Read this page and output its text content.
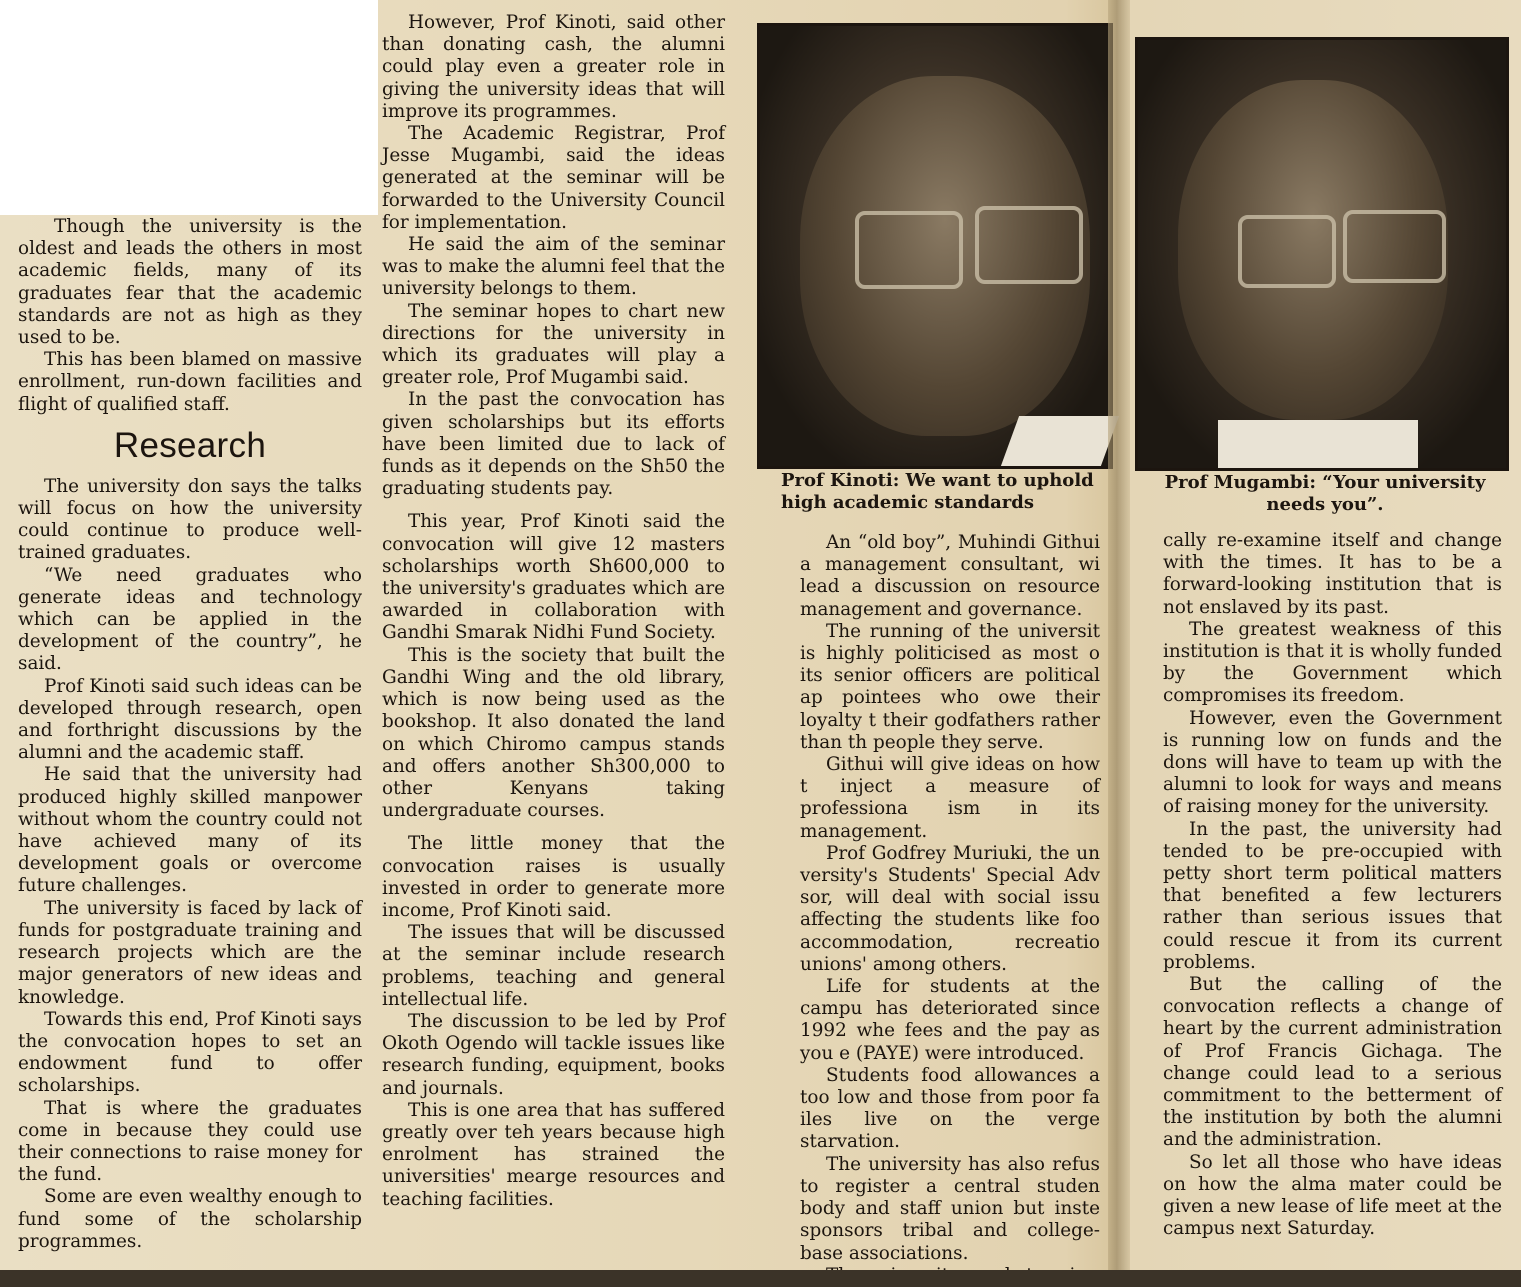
Though the university is the oldest and leads the others in most academic fields, many of its graduates fear that the academic standards are not as high as they used to be.

This has been blamed on massive enrollment, run-down facilities and flight of qualified staff.

Research

The university don says the talks will focus on how the university could continue to produce well-trained graduates.

“We need graduates who generate ideas and technology which can be applied in the development of the country”, he said.

Prof Kinoti said such ideas can be developed through research, open and forthright discussions by the alumni and the academic staff.

He said that the university had produced highly skilled manpower without whom the country could not have achieved many of its development goals or overcome future challenges.

The university is faced by lack of funds for postgraduate training and research projects which are the major generators of new ideas and knowledge.

Towards this end, Prof Kinoti says the convocation hopes to set an endowment fund to offer scholarships.

That is where the graduates come in because they could use their connections to raise money for the fund.

Some are even wealthy enough to fund some of the scholarship programmes.

However, Prof Kinoti, said other than donating cash, the alumni could play even a greater role in giving the university ideas that will improve its programmes.

The Academic Registrar, Prof Jesse Mugambi, said the ideas generated at the seminar will be forwarded to the University Council for implementation.

He said the aim of the seminar was to make the alumni feel that the university belongs to them.

The seminar hopes to chart new directions for the university in which its graduates will play a greater role, Prof Mugambi said.

In the past the convocation has given scholarships but its efforts have been limited due to lack of funds as it depends on the Sh50 the graduating students pay.

This year, Prof Kinoti said the convocation will give 12 masters scholarships worth Sh600,000 to the university's graduates which are awarded in collaboration with Gandhi Smarak Nidhi Fund Society.

This is the society that built the Gandhi Wing and the old library, which is now being used as the bookshop. It also donated the land on which Chiromo campus stands and offers another Sh300,000 to other Kenyans taking undergraduate courses.

The little money that the convocation raises is usually invested in order to generate more income, Prof Kinoti said.

The issues that will be discussed at the seminar include research problems, teaching and general intellectual life.

The discussion to be led by Prof Okoth Ogendo will tackle issues like research funding, equipment, books and journals.

This is one area that has suffered greatly over teh years because high enrolment has strained the universities' mearge resources and teaching facilities.

Prof Kinoti: We want to uphold high academic standards
Prof Mugambi: “Your university needs you”.

An “old boy”, Muhindi Githui a management consultant, wi lead a discussion on resource management and governance.

The running of the universit is highly politicised as most o its senior officers are political ap pointees who owe their loyalty t their godfathers rather than th people they serve.

Githui will give ideas on how t inject a measure of professiona ism in its management.

Prof Godfrey Muriuki, the un versity's Students' Special Adv sor, will deal with social issu affecting the students like foo accommodation, recreatio unions' among others.

Life for students at the campu has deteriorated since 1992 whe fees and the pay as you e (PAYE) were introduced.

Students food allowances a too low and those from poor fa iles live on the verge starvation.

The university has also refus to register a central studen body and staff union but inste sponsors tribal and college-base associations.

cally re-examine itself and change with the times. It has to be a forward-looking institution that is not enslaved by its past.

The greatest weakness of this institution is that it is wholly funded by the Government which compromises its freedom.

However, even the Government is running low on funds and the dons will have to team up with the alumni to look for ways and means of raising money for the university.

In the past, the university had tended to be pre-occupied with petty short term political matters that benefited a few lecturers rather than serious issues that could rescue it from its current problems.

But the calling of the convocation reflects a change of heart by the current administration of Prof Francis Gichaga. The change could lead to a serious commitment to the betterment of the institution by both the alumni and the administration.

So let all those who have ideas on how the alma mater could be given a new lease of life meet at the campus next Saturday.
